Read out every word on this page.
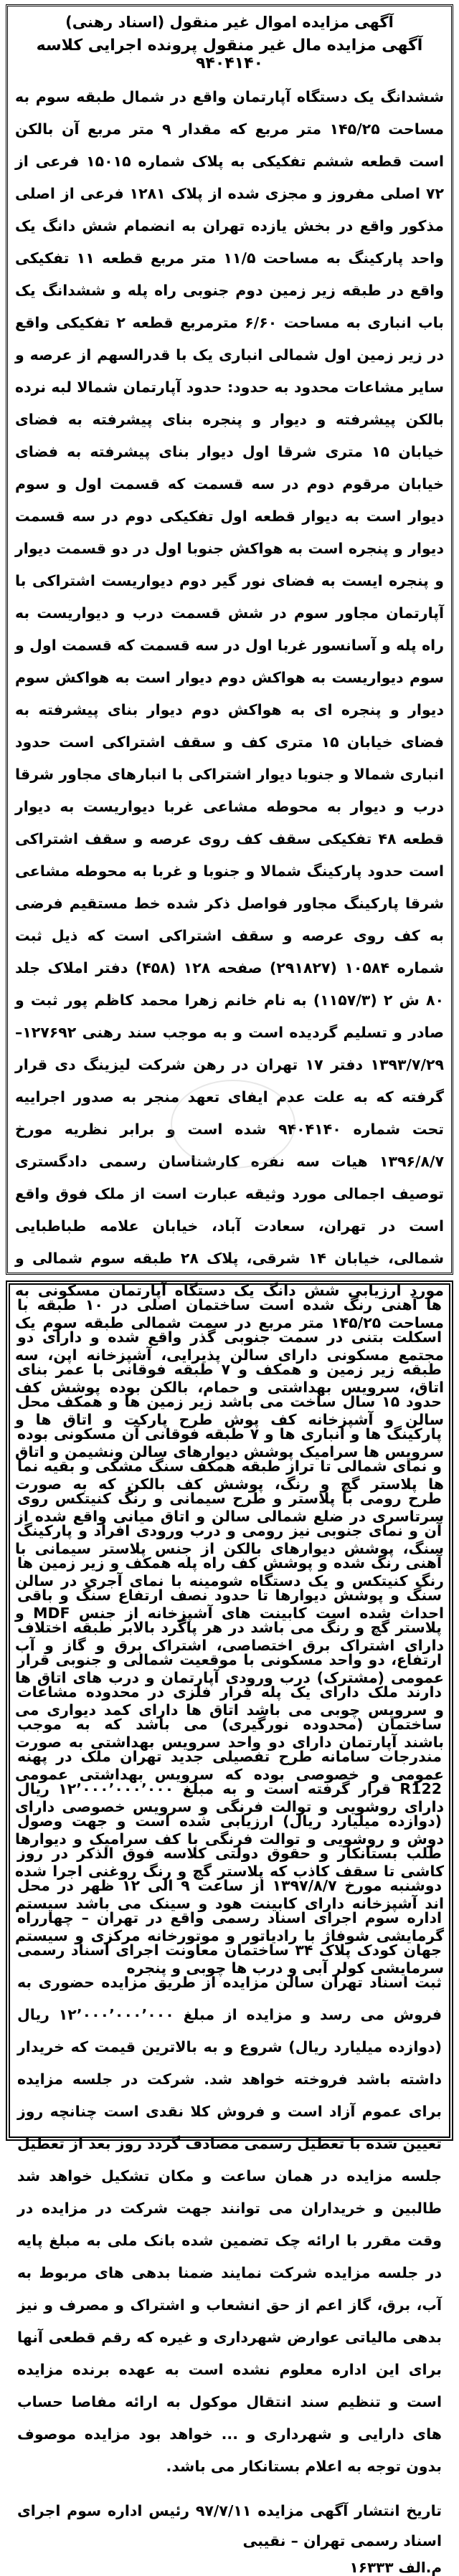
آگهی مزایده اموال غیر منقول (اسناد رهنی)
آگهی مزایده مال غیر منقول پرونده اجرایی کلاسه ۹۴۰۴۱۴۰

ششدانگ یک دستگاه آپارتمان واقع در شمال طبقه سوم به مساحت ۱۴۵/۲۵ متر مربع که مقدار ۹ متر مربع آن بالکن است قطعه ششم تفکیکی به پلاک شماره ۱۵۰۱۵ فرعی از ۷۲ اصلی مفروز و مجزی شده از پلاک ۱۲۸۱ فرعی از اصلی مذکور واقع در بخش یازده تهران به انضمام شش دانگ یک واحد پارکینگ به مساحت ۱۱/۵ متر مربع قطعه ۱۱ تفکیکی واقع در طبقه زیر زمین دوم جنوبی راه پله و ششدانگ یک باب انباری به مساحت ۶/۶۰ مترمربع قطعه ۲ تفکیکی واقع در زیر زمین اول شمالی انباری یک با قدرالسهم از عرصه و سایر مشاعات محدود به حدود: حدود آپارتمان شمالا لبه نرده بالکن پیشرفته و دیوار و پنجره بنای پیشرفته به فضای خیابان ۱۵ متری شرقا اول دیوار بنای پیشرفته به فضای خیابان مرقوم دوم در سه قسمت که قسمت اول و سوم دیوار است به دیوار قطعه اول تفکیکی دوم در سه قسمت دیوار و پنجره است به هواکش جنوبا اول در دو قسمت دیوار و پنجره ایست به فضای نور گیر دوم دیواریست اشتراکی با آپارتمان مجاور سوم در شش قسمت درب و دیواریست به راه پله و آسانسور غربا اول در سه قسمت که قسمت اول و سوم دیواریست به هواکش دوم دیوار است به هواکش سوم دیوار و پنجره ای به هواکش دوم دیوار بنای پیشرفته به فضای خیابان ۱۵ متری کف و سقف اشتراکی است حدود انباری شمالا و جنوبا دیوار اشتراکی با انبارهای مجاور شرقا درب و دیوار به محوطه مشاعی غربا دیواریست به دیوار قطعه ۴۸ تفکیکی سقف کف روی عرصه و سقف اشتراکی است حدود پارکینگ شمالا و جنوبا و غربا به محوطه مشاعی شرقا پارکینگ مجاور فواصل ذکر شده خط مستقیم فرضی به کف روی عرصه و سقف اشتراکی است که ذیل ثبت شماره ۱۰۵۸۴ (۲۹۱۸۲۷) صفحه ۱۲۸ (۴۵۸) دفتر املاک جلد ۸۰ ش ۲ (۱۱۵۷/۳) به نام خانم زهرا محمد کاظم پور ثبت و صادر و تسلیم گردیده است و به موجب سند رهنی ۱۲۷۶۹۲–۱۳۹۳/۷/۲۹ دفتر ۱۷ تهران در رهن شرکت لیزینگ دی قرار گرفته که به علت عدم ایفای تعهد منجر به صدور اجراییه تحت شماره ۹۴۰۴۱۴۰ شده است و برابر نظریه مورخ ۱۳۹۶/۸/۷ هیات سه نفره کارشناسان رسمی دادگستری توصیف اجمالی مورد وثیقه عبارت است از ملک فوق واقع است در تهران، سعادت آباد، خیابان علامه طباطبایی شمالی، خیابان ۱۴ شرقی، پلاک ۲۸ طبقه سوم شمالی و مورد ارزیابی شش دانگ یک دستگاه آپارتمان مسکونی به مساحت ۱۴۵/۲۵ متر مربع در سمت شمالی طبقه سوم یک مجتمع مسکونی دارای سالن پذیرایی، آشپزخانه اپن، سه اتاق، سرویس بهداشتی و حمام، بالکن بوده پوشش کف سالن و آشپزخانه کف پوش طرح پارکت و اتاق ها و سرویس ها سرامیک پوشش دیوارهای سالن ونشیمن و اتاق ها پلاستر گچ و رنگ، پوشش کف بالکن که به صورت سرتاسری در ضلع شمالی سالن و اتاق میانی واقع شده از سنگ، پوشش دیوارهای بالکن از جنس پلاستر سیمانی با رنگ کنیتکس و یک دستگاه شومینه با نمای آجری در سالن احداث شده است کابینت های آشپزخانه از جنس MDF و دارای اشتراک برق اختصاصی، اشتراک برق و گاز و آب عمومی (مشترک) درب ورودی آپارتمان و درب های اتاق ها و سرویس چوبی می باشد اتاق ها دارای کمد دیواری می باشند آپارتمان دارای دو واحد سرویس بهداشتی به صورت عمومی و خصوصی بوده که سرویس بهداشتی عمومی دارای روشویی و توالت فرنگی و سرویس خصوصی دارای دوش و روشویی و توالت فرنگی با کف سرامیک و دیوارها کاشی تا سقف کاذب که پلاستر گچ و رنگ روغنی اجرا شده اند آشپزخانه دارای کابینت هود و سینک می باشد سیستم گرمایشی شوفاژ با رادیاتور و موتورخانه مرکزی و سیستم سرمایشی کولر آبی و درب ها چوبی و پنجره

ها آهنی رنگ شده است ساختمان اصلی در ۱۰ طبقه با اسکلت بتنی در سمت جنوبی گذر واقع شده و دارای دو طبقه زیر زمین و همکف و ۷ طبقه فوقانی با عمر بنای حدود ۱۵ سال ساخت می باشد زیر زمین ها و همکف محل پارکینگ ها و انباری ها و ۷ طبقه فوقانی آن مسکونی بوده و نمای شمالی تا تراز طبقه همکف سنگ مشکی و بقیه نما طرح رومی با پلاستر و طرح سیمانی و رنگ کنیتکس روی آن و نمای جنوبی نیز رومی و درب ورودی افراد و پارکینگ آهنی رنگ شده و پوشش کف راه پله همکف و زیر زمین ها سنگ و پوشش دیوارها تا حدود نصف ارتفاع سنگ و باقی پلاستر گچ و رنگ می باشد در هر پاگرد بالابر طبقه اختلاف ارتفاع، دو واحد مسکونی با موقعیت شمالی و جنوبی قرار دارند ملک دارای یک پله فرار فلزی در محدوده مشاعات ساختمان (محدوده نورگیری) می باشد که به موجب مندرجات سامانه طرح تفصیلی جدید تهران ملک در پهنه R122 قرار گرفته است و به مبلغ ۱۲٬۰۰۰٬۰۰۰٬۰۰۰ ریال (دوازده میلیارد ریال) ارزیابی شده است و جهت وصول طلب بستانکار و حقوق دولتی کلاسه فوق الذکر در روز دوشنبه مورخ ۱۳۹۷/۸/۷ از ساعت ۹ الی ۱۲ ظهر در محل اداره سوم اجرای اسناد رسمی واقع در تهران – چهارراه جهان کودک پلاک ۳۴ ساختمان معاونت اجرای اسناد رسمی ثبت اسناد تهران سالن مزایده از طریق مزایده حضوری به فروش می رسد و مزایده از مبلغ ۱۲٬۰۰۰٬۰۰۰٬۰۰۰ ریال (دوازده میلیارد ریال) شروع و به بالاترین قیمت که خریدار داشته باشد فروخته خواهد شد. شرکت در جلسه مزایده برای عموم آزاد است و فروش کلا نقدی است چنانچه روز تعیین شده با تعطیل رسمی مصادف گردد روز بعد از تعطیل جلسه مزایده در همان ساعت و مکان تشکیل خواهد شد طالبین و خریداران می توانند جهت شرکت در مزایده در وقت مقرر با ارائه چک تضمین شده بانک ملی به مبلغ پایه در جلسه مزایده شرکت نمایند ضمنا بدهی های مربوط به آب، برق، گاز اعم از حق انشعاب و اشتراک و مصرف و نیز بدهی مالیاتی عوارض شهرداری و غیره که رقم قطعی آنها برای این اداره معلوم نشده است به عهده برنده مزایده است و تنظیم سند انتقال موکول به ارائه مفاصا حساب های دارایی و شهرداری و ... خواهد بود مزایده موصوف بدون توجه به اعلام بستانکار می باشد.

تاریخ انتشار آگهی مزایده ۹۷/۷/۱۱ رئیس اداره سوم اجرای اسناد رسمی تهران – نقیبی
م.الف ۱۶۳۳۳
